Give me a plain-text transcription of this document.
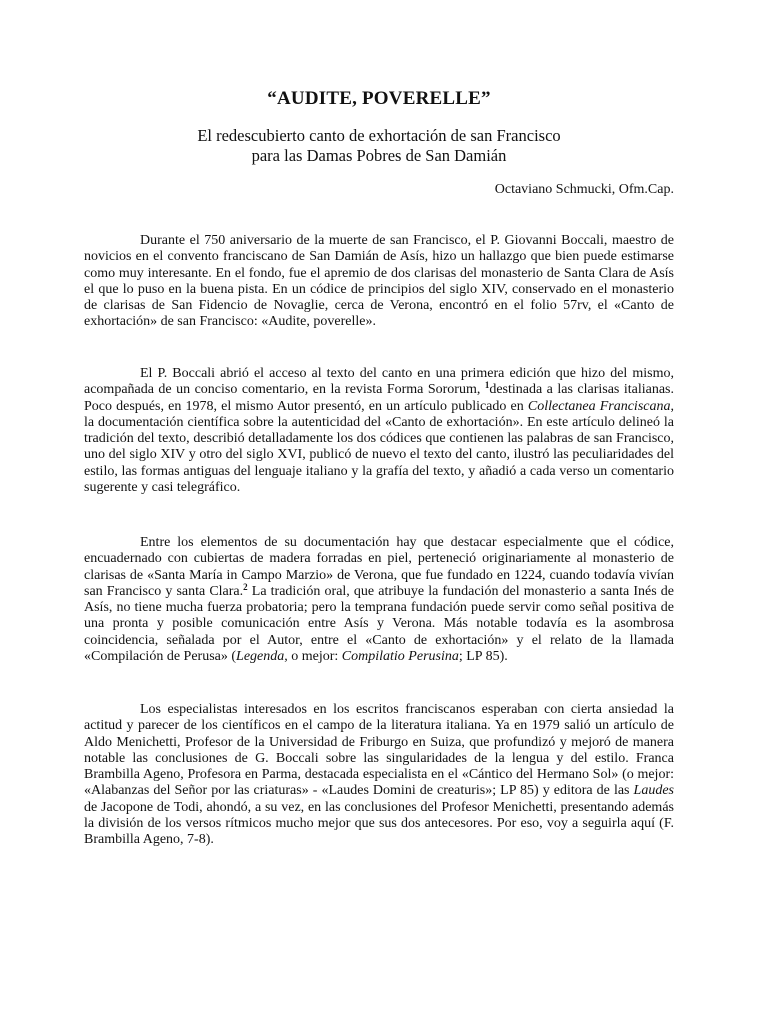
“AUDITE, POVERELLE”
El redescubierto canto de exhortación de san Francisco
para las Damas Pobres de San Damián
Octaviano Schmucki, Ofm.Cap.

Durante el 750 aniversario de la muerte de san Francisco, el P. Giovanni Boccali, maestro de novicios en el convento franciscano de San Damián de Asís, hizo un hallazgo que bien puede estimarse como muy interesante. En el fondo, fue el apremio de dos clarisas del monasterio de Santa Clara de Asís el que lo puso en la buena pista. En un códice de principios del siglo XIV, conservado en el monasterio de clarisas de San Fidencio de Novaglie, cerca de Verona, encontró en el folio 57rv, el «Canto de exhortación» de san Francisco: «Audite, poverelle».

El P. Boccali abrió el acceso al texto del canto en una primera edición que hizo del mismo, acompañada de un conciso comentario, en la revista Forma Sororum, $^1$destinada a las clarisas italianas. Poco después, en 1978, el mismo Autor presentó, en un artículo publicado en Collectanea Franciscana, la documentación científica sobre la autenticidad del «Canto de exhortación». En este artículo delineó la tradición del texto, describió detalladamente los dos códices que contienen las palabras de san Francisco, uno del siglo XIV y otro del siglo XVI, publicó de nuevo el texto del canto, ilustró las peculiaridades del estilo, las formas antiguas del lenguaje italiano y la grafía del texto, y añadió a cada verso un comentario sugerente y casi telegráfico.

Entre los elementos de su documentación hay que destacar especialmente que el códice, encuadernado con cubiertas de madera forradas en piel, perteneció originariamente al monasterio de clarisas de «Santa María in Campo Marzio» de Verona, que fue fundado en 1224, cuando todavía vivían san Francisco y santa Clara.$^2$ La tradición oral, que atribuye la fundación del monasterio a santa Inés de Asís, no tiene mucha fuerza probatoria; pero la temprana fundación puede servir como señal positiva de una pronta y posible comunicación entre Asís y Verona. Más notable todavía es la asombrosa coincidencia, señalada por el Autor, entre el «Canto de exhortación» y el relato de la llamada «Compilación de Perusa» (Legenda, o mejor: Compilatio Perusina; LP 85).

Los especialistas interesados en los escritos franciscanos esperaban con cierta ansiedad la actitud y parecer de los científicos en el campo de la literatura italiana. Ya en 1979 salió un artículo de Aldo Menichetti, Profesor de la Universidad de Friburgo en Suiza, que profundizó y mejoró de manera notable las conclusiones de G. Boccali sobre las singularidades de la lengua y del estilo. Franca Brambilla Ageno, Profesora en Parma, destacada especialista en el «Cántico del Hermano Sol» (o mejor: «Alabanzas del Señor por las criaturas» - «Laudes Domini de creaturis»; LP 85) y editora de las Laudes de Jacopone de Todi, ahondó, a su vez, en las conclusiones del Profesor Menichetti, presentando además la división de los versos rítmicos mucho mejor que sus dos antecesores. Por eso, voy a seguirla aquí (F. Brambilla Ageno, 7-8).
